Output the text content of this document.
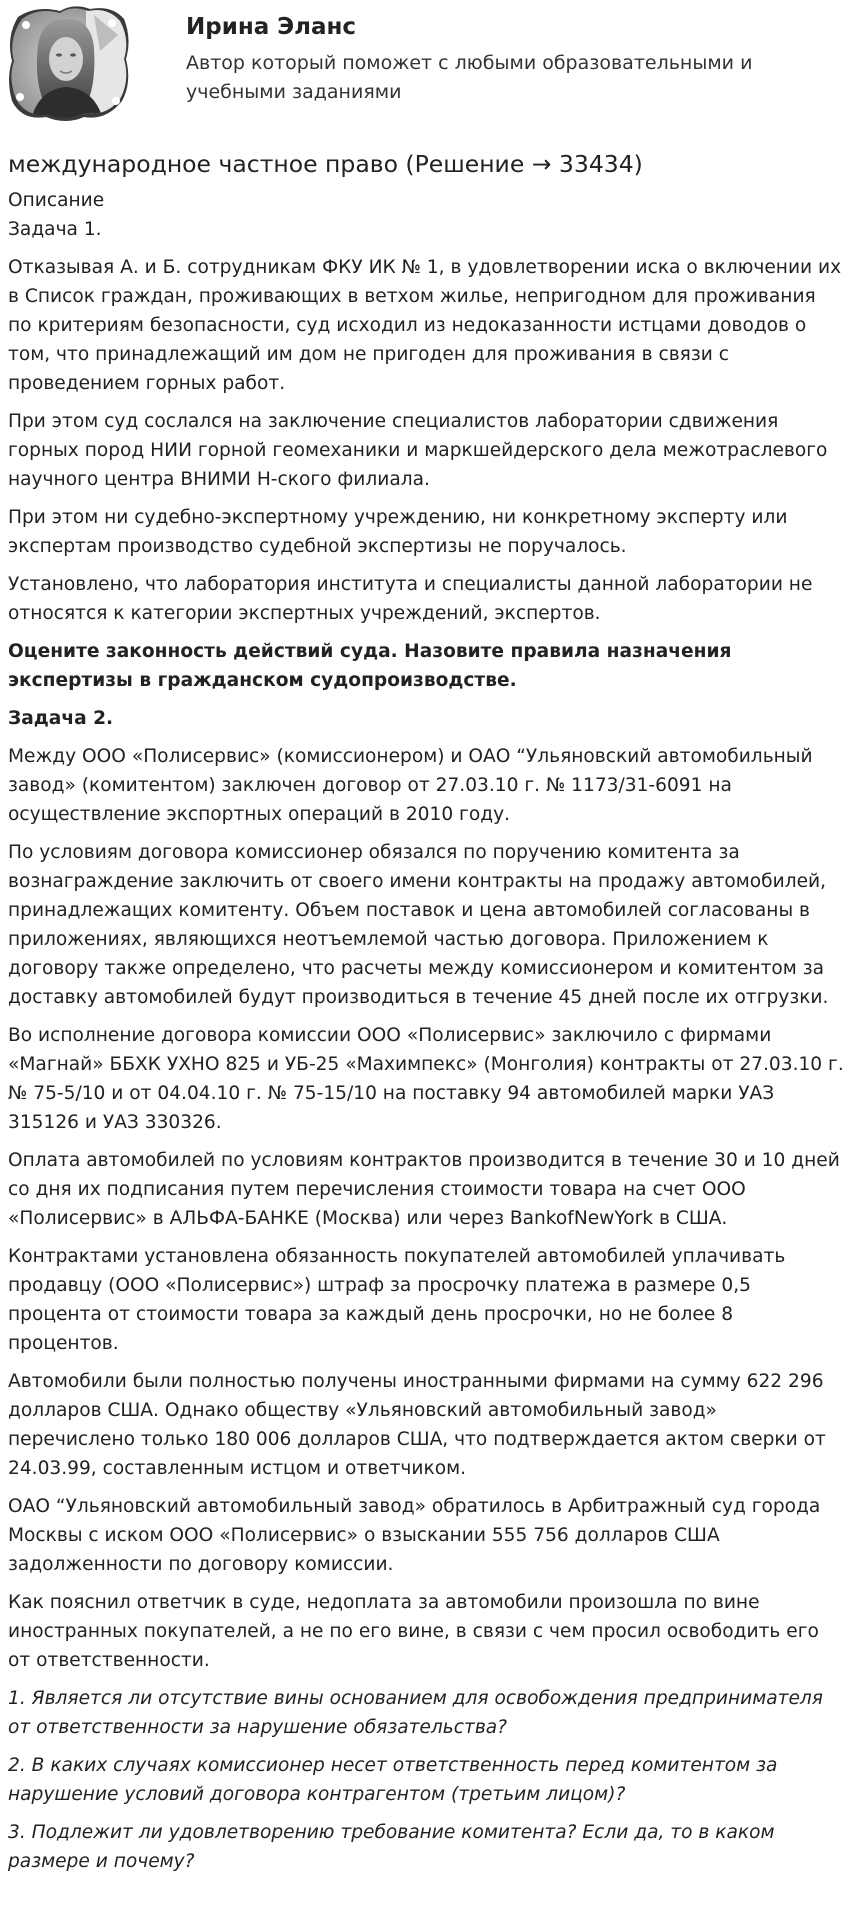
Ирина Эланс
Автор который поможет с любыми образовательными и учебными заданиями
международное частное право (Решение → 33434)

Описание

Задача 1.

Отказывая А. и Б. сотрудникам ФКУ ИК № 1, в удовлетворении иска о включении их в Список граждан, проживающих в ветхом жилье, непригодном для проживания по критериям безопасности, суд исходил из недоказанности истцами доводов о том, что принадлежащий им дом не пригоден для проживания в связи с проведением горных работ.

При этом суд сослался на заключение специалистов лаборатории сдвижения горных пород НИИ горной геомеханики и маркшейдерского дела межотраслевого научного центра ВНИМИ Н-ского филиала.

При этом ни судебно-экспертному учреждению, ни конкретному эксперту или экспертам производство судебной экспертизы не поручалось.

Установлено, что лаборатория института и специалисты данной лаборатории не относятся к категории экспертных учреждений, экспертов.

Оцените законность действий суда. Назовите правила назначения экспертизы в гражданском судопроизводстве.

Задача 2.

Между ООО «Полисервис» (комиссионером) и ОАО “Ульяновский автомобильный завод» (комитентом) заключен договор от 27.03.10 г. № 1173/31-6091 на осуществление экспортных операций в 2010 году.

По условиям договора комиссионер обязался по поручению комитента за вознаграждение заключить от своего имени контракты на продажу автомобилей, принадлежащих комитенту. Объем поставок и цена автомобилей согласованы в приложениях, являющихся неотъемлемой частью договора. Приложением к договору также определено, что расчеты между комиссионером и комитентом за доставку автомобилей будут производиться в течение 45 дней после их отгрузки.

Во исполнение договора комиссии ООО «Полисервис» заключило с фирмами «Магнай» ББХК УХНО 825 и УБ-25 «Махимпекс» (Монголия) контракты от 27.03.10 г. № 75-5/10 и от 04.04.10 г. № 75-15/10 на поставку 94 автомобилей марки УАЗ 315126 и УАЗ 330326.

Оплата автомобилей по условиям контрактов производится в течение 30 и 10 дней со дня их подписания путем перечисления стоимости товара на счет ООО «Полисервис» в АЛЬФА-БАНКЕ (Москва) или через BankofNewYork в США.

Контрактами установлена обязанность покупателей автомобилей уплачивать продавцу (ООО «Полисервис») штраф за просрочку платежа в размере 0,5 процента от стоимости товара за каждый день просрочки, но не более 8 процентов.

Автомобили были полностью получены иностранными фирмами на сумму 622 296 долларов США. Однако обществу «Ульяновский автомобильный завод» перечислено только 180 006 долларов США, что подтверждается актом сверки от 24.03.99, составленным истцом и ответчиком.

ОАО “Ульяновский автомобильный завод» обратилось в Арбитражный суд города Москвы с иском ООО «Полисервис» о взыскании 555 756 долларов США задолженности по договору комиссии.

Как пояснил ответчик в суде, недоплата за автомобили произошла по вине иностранных покупателей, а не по его вине, в связи с чем просил освободить его от ответственности.

1. Является ли отсутствие вины основанием для освобождения предпринимателя от ответственности за нарушение обязательства?

2. В каких случаях комиссионер несет ответственность перед комитентом за нарушение условий договора контрагентом (третьим лицом)?

3. Подлежит ли удовлетворению требование комитента? Если да, то в каком размере и почему?
